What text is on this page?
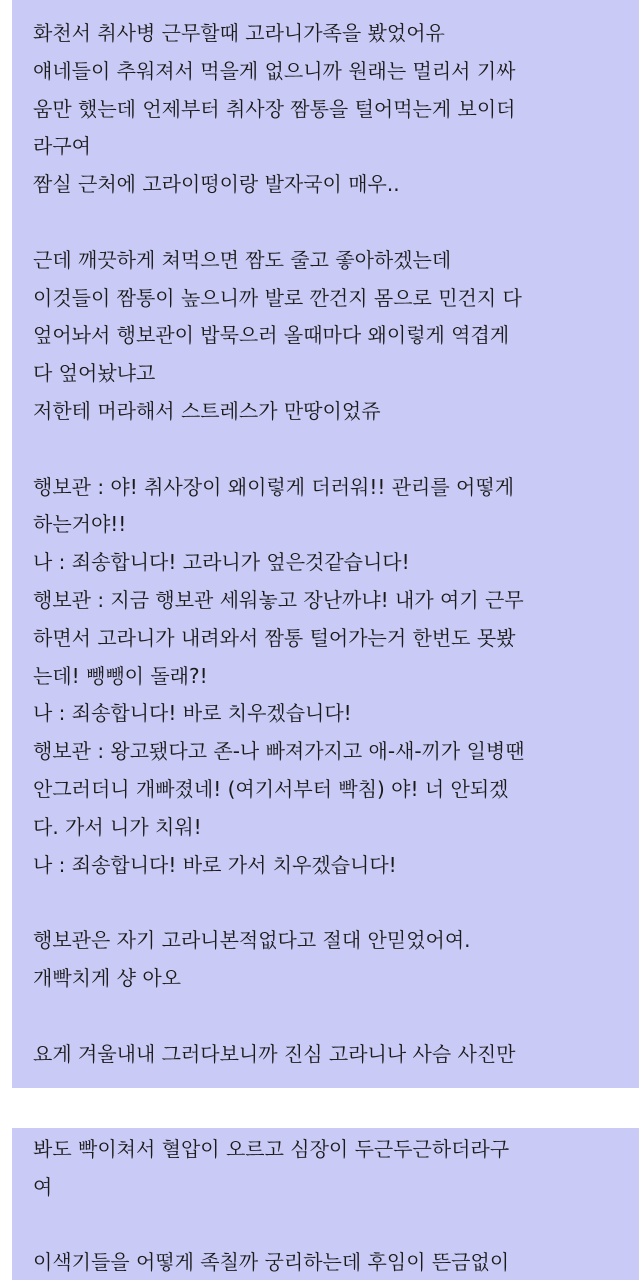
화천서 취사병 근무할때 고라니가족을 봤었어유
얘네들이 추워져서 먹을게 없으니까 원래는 멀리서 기싸
움만 했는데 언제부터 취사장 짬통을 털어먹는게 보이더
라구여
짬실 근처에 고라이떵이랑 발자국이 매우..
근데 깨끗하게 쳐먹으면 짬도 줄고 좋아하겠는데
이것들이 짬통이 높으니까 발로 깐건지 몸으로 민건지 다
엎어놔서 행보관이 밥묵으러 올때마다 왜이렇게 역겹게
다 엎어놨냐고
저한테 머라해서 스트레스가 만땅이었쥬
행보관 : 야! 취사장이 왜이렇게 더러워!! 관리를 어떻게
하는거야!!
나 : 죄송합니다! 고라니가 엎은것같습니다!
행보관 : 지금 행보관 세워놓고 장난까냐! 내가 여기 근무
하면서 고라니가 내려와서 짬통 털어가는거 한번도 못봤
는데! 뺑뺑이 돌래?!
나 : 죄송합니다! 바로 치우겠습니다!
행보관 : 왕고됐다고 존-나 빠져가지고 애-새-끼가 일병땐
안그러더니 개빠졌네! (여기서부터 빡침) 야! 너 안되겠
다. 가서 니가 치워!
나 : 죄송합니다! 바로 가서 치우겠습니다!
행보관은 자기 고라니본적없다고 절대 안믿었어여.
개빡치게 샹 아오
요게 겨울내내 그러다보니까 진심 고라니나 사슴 사진만
봐도 빡이쳐서 혈압이 오르고 심장이 두근두근하더라구
여
이색기들을 어떻게 족칠까 궁리하는데 후임이 뜬금없이
